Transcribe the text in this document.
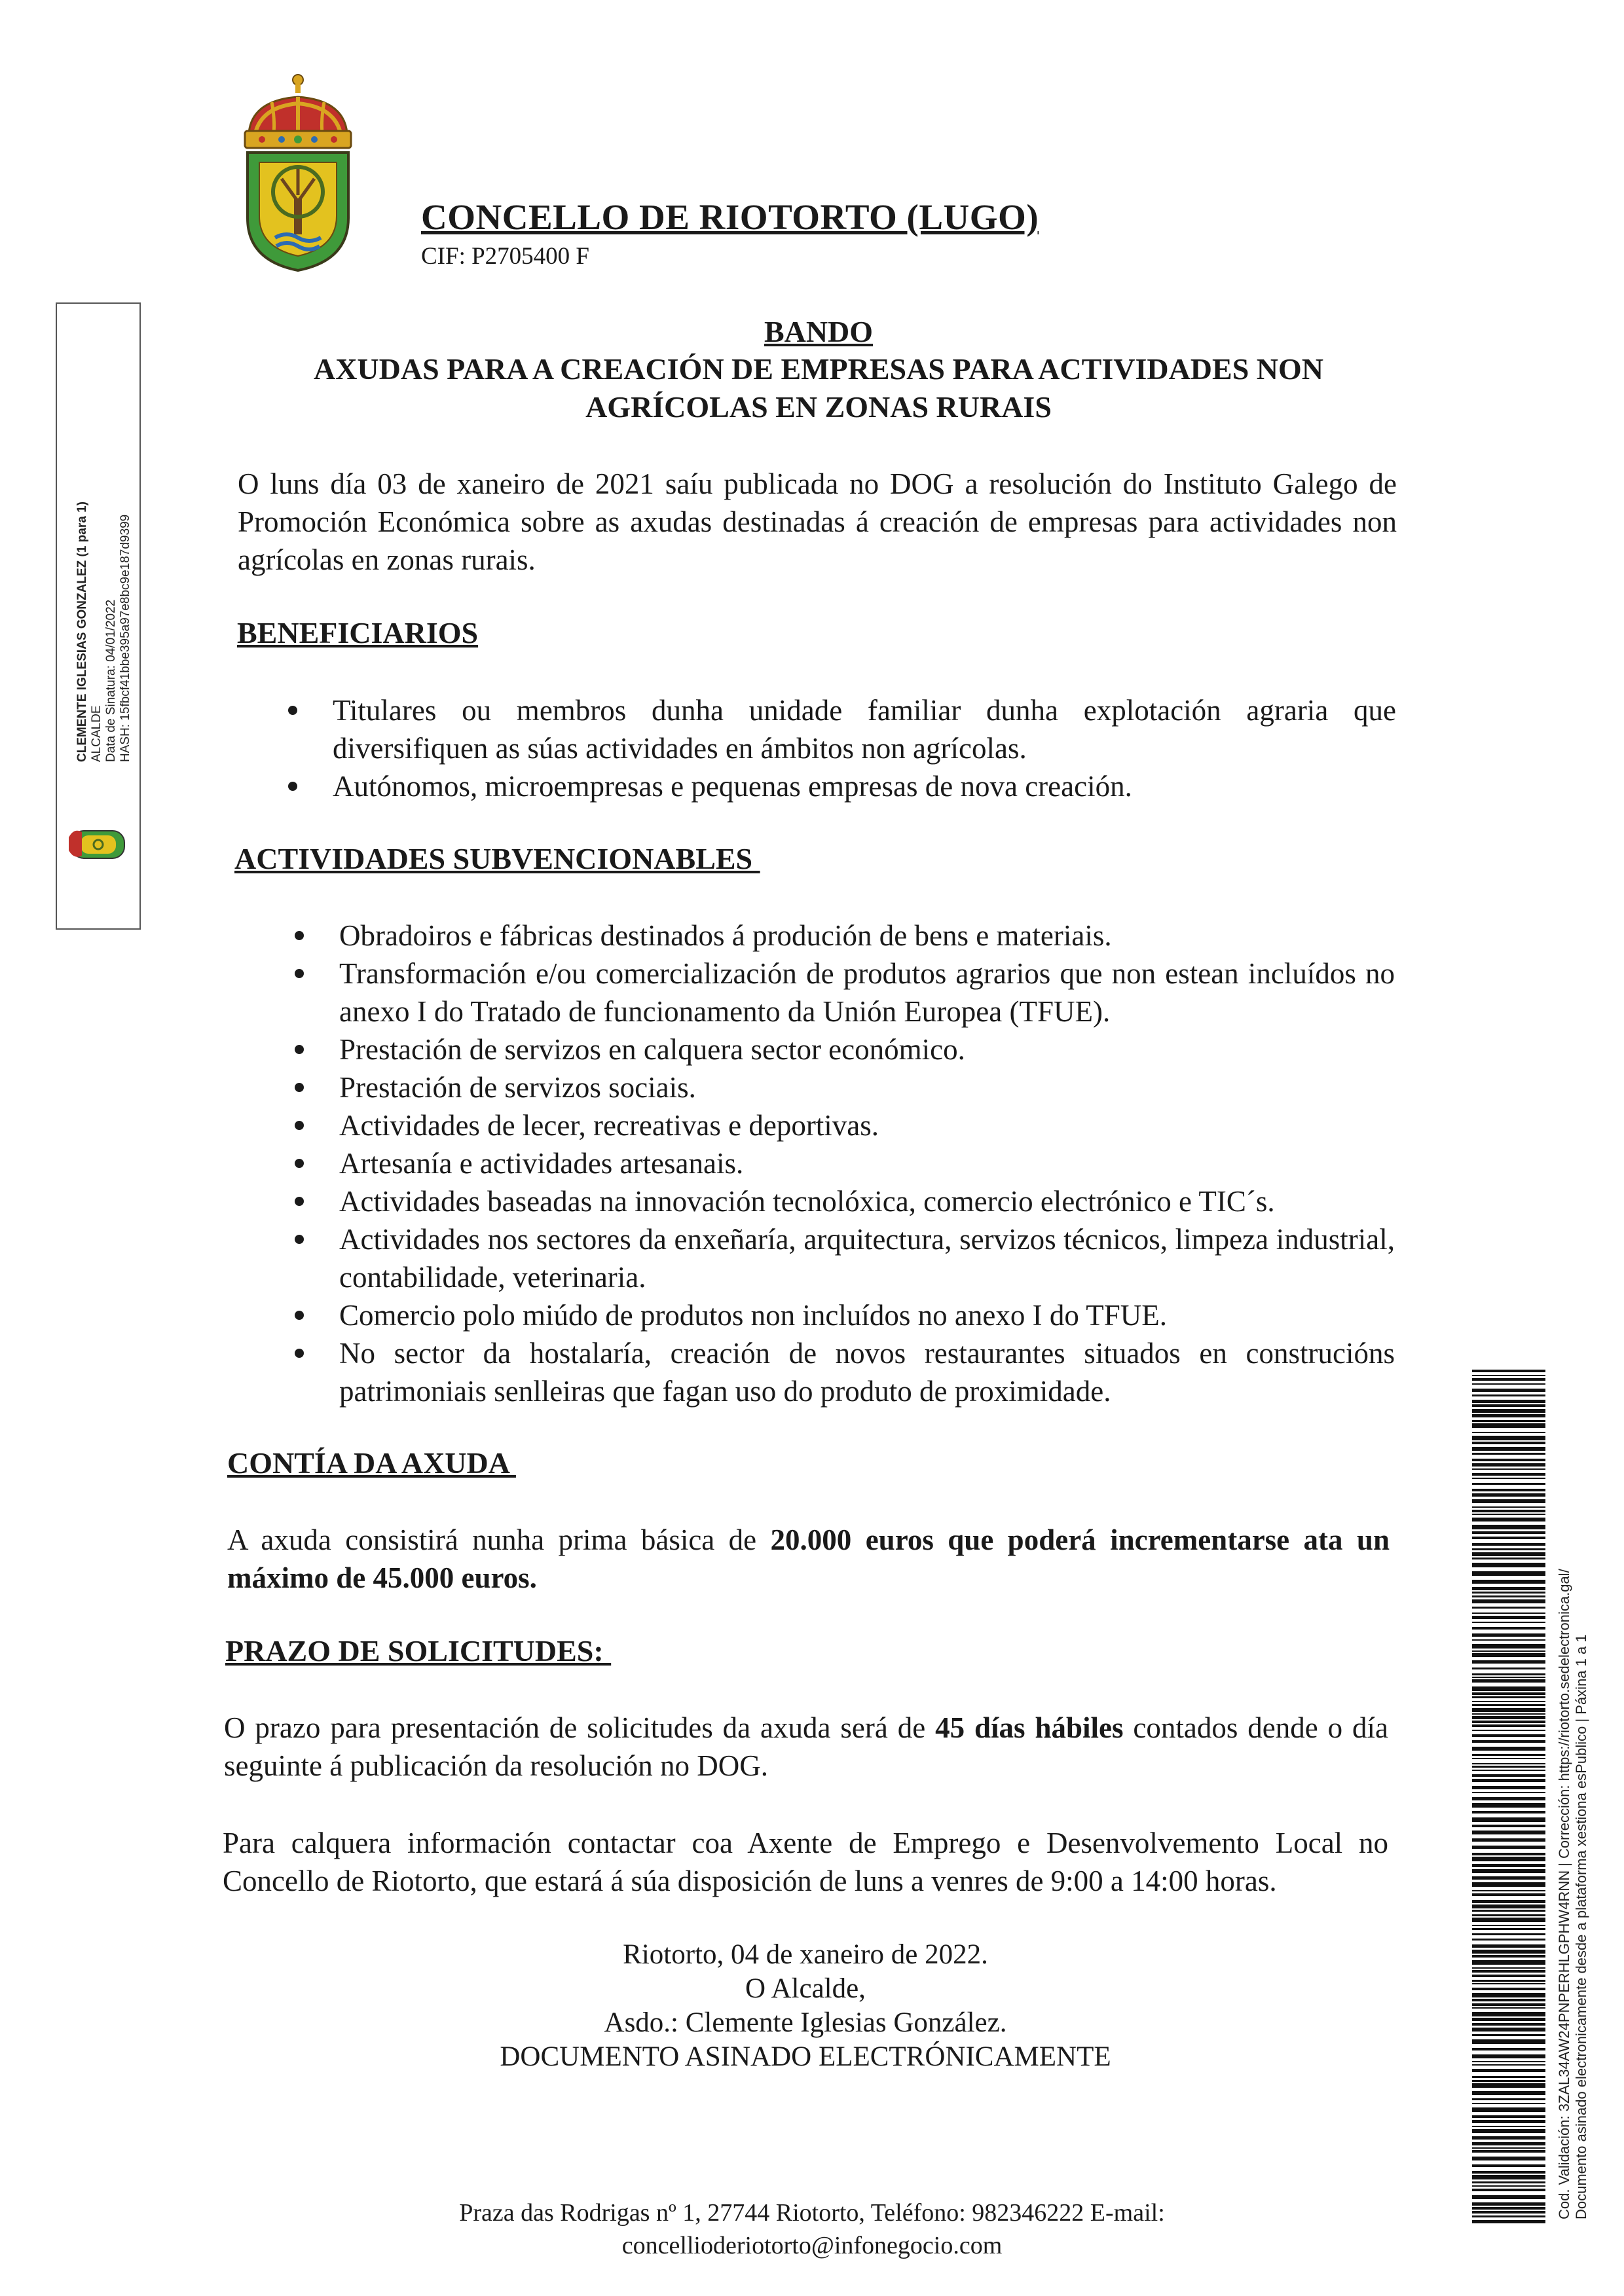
CONCELLO DE RIOTORTO (LUGO)
CIF: P2705400 F
BANDO
AXUDAS PARA A CREACIÓN DE EMPRESAS PARA ACTIVIDADES NON
AGRÍCOLAS EN ZONAS RURAIS
O luns día 03 de xaneiro de 2021 saíu publicada no DOG a resolución do Instituto Galego de Promoción Económica sobre as axudas destinadas á creación de empresas para actividades non agrícolas en zonas rurais.
BENEFICIARIOS
Titulares ou membros dunha unidade familiar dunha explotación agraria que diversifiquen as súas actividades en ámbitos non agrícolas.
Autónomos, microempresas e pequenas empresas de nova creación.
ACTIVIDADES SUBVENCIONABLES
Obradoiros e fábricas destinados á produción de bens e materiais.
Transformación e/ou comercialización de produtos agrarios que non estean incluídos no anexo I do Tratado de funcionamento da Unión Europea (TFUE).
Prestación de servizos en calquera sector económico.
Prestación de servizos sociais.
Actividades de lecer, recreativas e deportivas.
Artesanía e actividades artesanais.
Actividades baseadas na innovación tecnolóxica, comercio electrónico e TIC´s.
Actividades nos sectores da enxeñaría, arquitectura, servizos técnicos, limpeza industrial, contabilidade, veterinaria.
Comercio polo miúdo de produtos non incluídos no anexo I do TFUE.
No sector da hostalaría, creación de novos restaurantes situados en construcións patrimoniais senlleiras que fagan uso do produto de proximidade.
CONTÍA DA AXUDA
A axuda consistirá nunha prima básica de 20.000 euros que poderá incrementarse ata un máximo de 45.000 euros.
PRAZO DE SOLICITUDES:
O prazo para presentación de solicitudes da axuda será de 45 días hábiles contados dende o día seguinte á publicación da resolución no DOG.
Para calquera información contactar coa Axente de Emprego e Desenvolvemento Local no Concello de Riotorto, que estará á súa disposición de luns a venres de 9:00 a 14:00 horas.
Riotorto, 04 de xaneiro de 2022.
O Alcalde,
Asdo.: Clemente Iglesias González.
DOCUMENTO ASINADO ELECTRÓNICAMENTE
Praza das Rodrigas nº 1, 27744 Riotorto, Teléfono: 982346222 E-mail:
concellioderiotorto@infonegocio.com
CLEMENTE IGLESIAS GONZALEZ (1 para 1) ALCALDE Data de Sinatura: 04/01/2022 HASH: 15fbcf41bbe395a97e8bc9e187d9399
Cod. Validación: 3ZAL34AW24PNPERHLGPHW4RNN | Corrección: https://riotorto.sedelectronica.gal/ Documento asinado electronicamente desde a plataforma xestiona esPublico | Páxina 1 a 1
